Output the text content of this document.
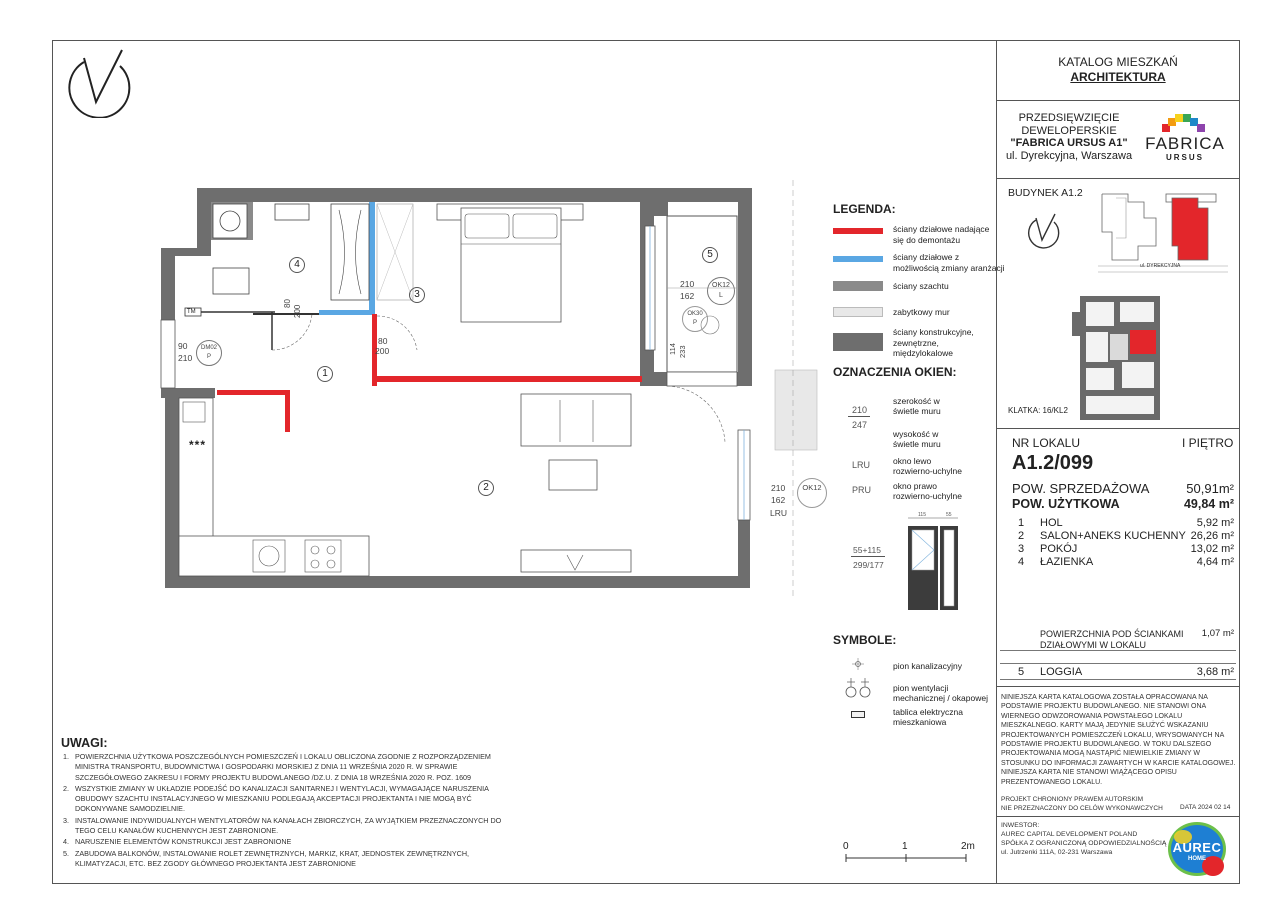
KATALOG MIESZKAŃ
ARCHITEKTURA
PRZEDSIĘWZIĘCIE
DEWELOPERSKIE
"FABRICA URSUS A1"
ul. Dyrekcyjna, Warszawa
FABRICA
URSUS
BUDYNEK A1.2
ul. DYREKCYJNA
KLATKA: 16/KL2
NR LOKALU	I PIĘTRO
A1.2/099
POW. SPRZEDAŻOWA	50,91m²
POW. UŻYTKOWA	49,84 m²
1 HOL	5,92 m²
2 SALON+ANEKS KUCHENNY 26,26 m²
3 POKÓJ	13,02 m²
4 ŁAZIENKA	4,64 m²
POWIERZCHNIA POD ŚCIANKAMI
DZIAŁOWYMI W LOKALU
1,07 m²
5 LOGGIA	3,68 m²
NINIEJSZA KARTA KATALOGOWA ZOSTAŁA OPRACOWANA NA PODSTAWIE PROJEKTU BUDOWLANEGO. NIE STANOWI ONA WIERNEGO ODWZOROWANIA POWSTAŁEGO LOKALU MIESZKALNEGO. KARTY MAJĄ JEDYNIE SŁUŻYĆ WSKAZANIU PROJEKTOWANYCH POMIESZCZEŃ LOKALU, WRYSOWANYCH NA PODSTAWIE PROJEKTU BUDOWLANEGO. W TOKU DALSZEGO PROJEKTOWANIA MOGĄ NASTĄPIĆ NIEWIELKIE ZMIANY W STOSUNKU DO INFORMACJI ZAWARTYCH W KARCIE KATALOGOWEJ. NINIEJSZA KARTA NIE STANOWI WIĄŻĄCEGO OPISU PREZENTOWANEGO LOKALU.
PROJEKT CHRONIONY PRAWEM AUTORSKIM
NIE PRZEZNACZONY DO CELÓW WYKONAWCZYCH	DATA 2024 02 14
INWESTOR:
AUREC CAPITAL DEVELOPMENT POLAND
SPÓŁKA Z OGRANICZONĄ ODPOWIEDZIALNOŚCIĄ
ul. Jutrzenki 111A, 02-231 Warszawa	AUREC
HOME
LEGENDA:
ściany działowe nadające
się do demontażu
ściany działowe z
możliwością zmiany aranżacji
ściany szachtu
zabytkowy mur
ściany konstrukcyjne,
zewnętrzne,
międzylokalowe
OZNACZENIA OKIEN:
210
247
szerokość w
świetle muru
wysokość w
świetle muru
LRU	okno lewo
rozwierno-uchylne
PRU	okno prawo
rozwierno-uchylne
55+115
299/177
115	55
SYMBOLE:
pion kanalizacyjny
pion wentylacji
mechanicznej / okapowej
tablica elektryczna
mieszkaniowa
0	1	2m
UWAGI:
1. POWIERZCHNIA UŻYTKOWA POSZCZEGÓLNYCH POMIESZCZEŃ I LOKALU OBLICZONA ZGODNIE Z ROZPORZĄDZENIEM MINISTRA TRANSPORTU, BUDOWNICTWA I GOSPODARKI MORSKIEJ Z DNIA 11 WRZEŚNIA 2020 R. W SPRAWIE SZCZEGÓŁOWEGO ZAKRESU I FORMY PROJEKTU BUDOWLANEGO /DZ.U. Z DNIA 18 WRZEŚNIA 2020 R. POZ. 1609
2. WSZYSTKIE ZMIANY W UKŁADZIE PODEJŚĆ DO KANALIZACJI SANITARNEJ I WENTYLACJI, WYMAGAJĄCE NARUSZENIA OBUDOWY SZACHTU INSTALACYJNEGO W MIESZKANIU PODLEGAJĄ AKCEPTACJI PROJEKTANTA I NIE MOGĄ BYĆ DOKONYWANE SAMODZIELNIE.
3. INSTALOWANIE INDYWIDUALNYCH WENTYLATORÓW NA KANAŁACH ZBIORCZYCH, ZA WYJĄTKIEM PRZEZNACZONYCH DO TEGO CELU KANAŁÓW KUCHENNYCH JEST ZABRONIONE.
4. NARUSZENIE ELEMENTÓW KONSTRUKCJI JEST ZABRONIONE
5. ZABUDOWA BALKONÓW, INSTALOWANIE ROLET ZEWNĘTRZNYCH, MARKIZ, KRAT, JEDNOSTEK ZEWNĘTRZNYCH, KLIMATYZACJI, ETC. BEZ ZGODY GŁÓWNEGO PROJEKTANTA JEST ZABRONIONE
4
3
1
2
5
80
200
80
200
90
210
DM02
P
TM
***
210
162
OK12
L
OK30
P
114 233
210
162
LRU
OK12
